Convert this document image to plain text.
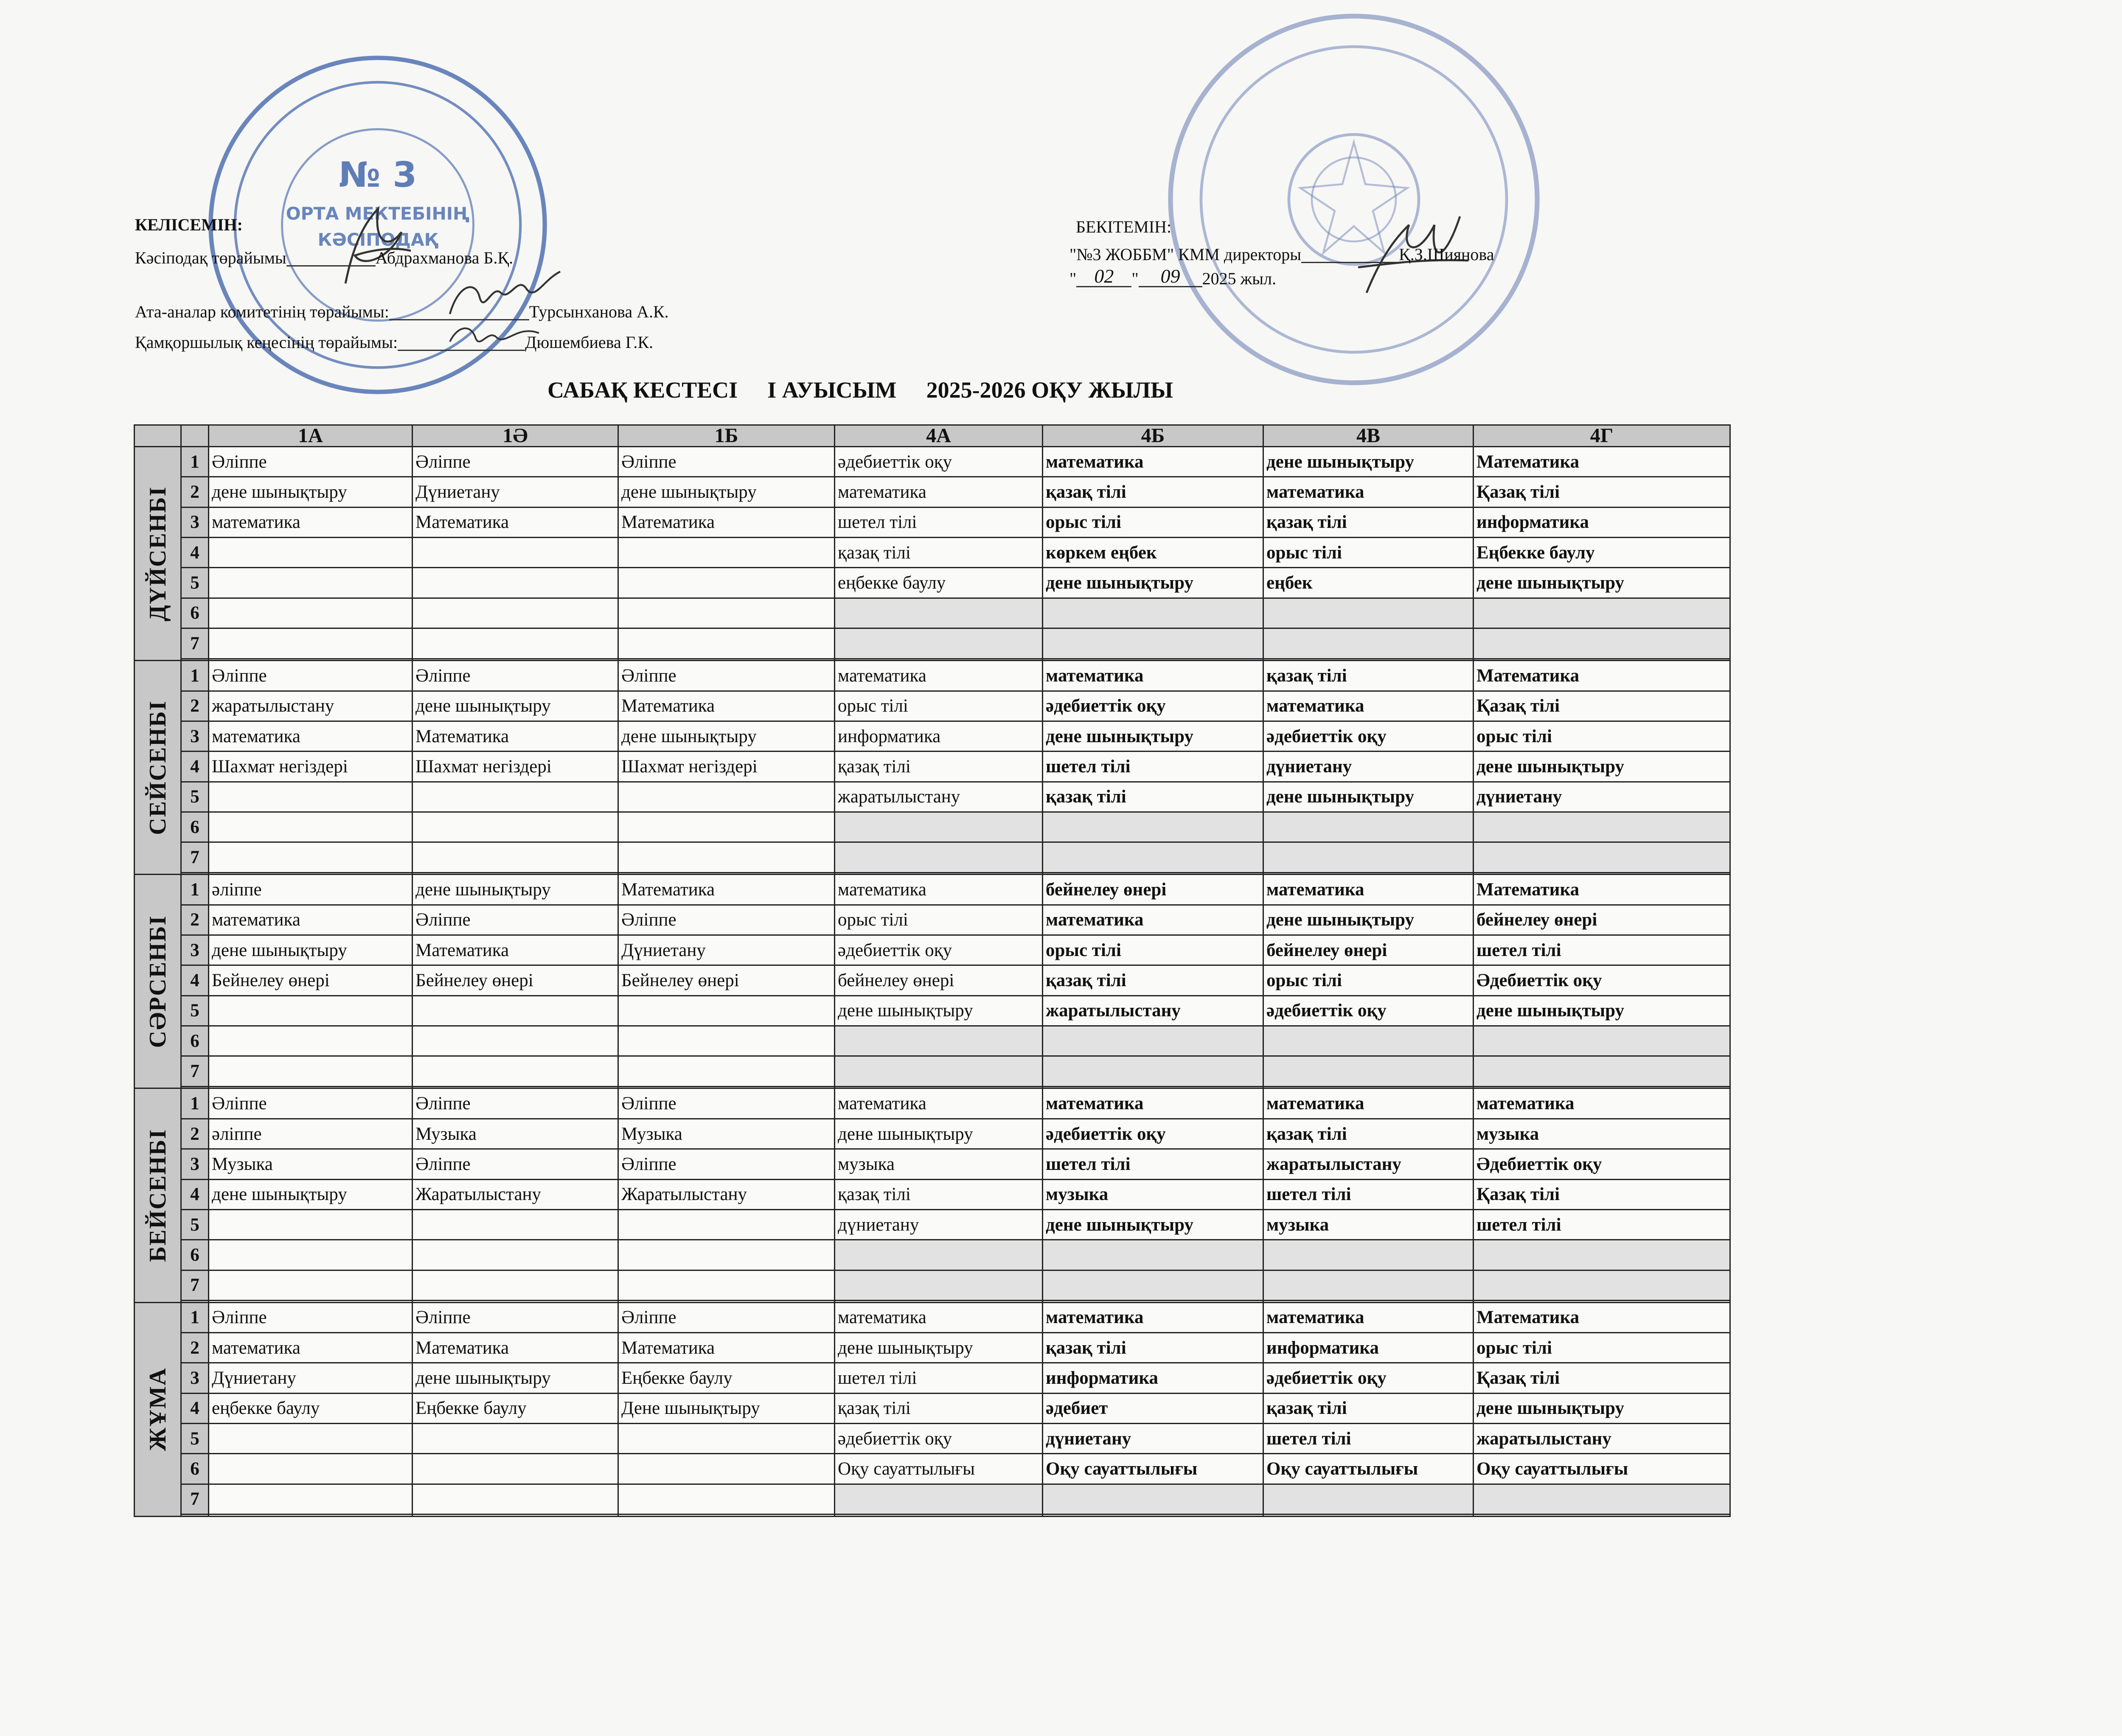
№ 3
ОРТА МЕКТЕБІНІҢ
КӘСІПОДАҚ
КЕЛІСЕМІН:
Кәсіподақ төрайымы	Абдрахманова Б.Қ.
Ата-аналар комитетінің төрайымы:	Турсынханова А.К.
Қамқоршылық кеңесінің төрайымы:	Дюшембиева Г.К.
БЕКІТЕМІН:
"№3 ЖОББМ" КММ директоры	Қ.З.Шиянова
" 02 " 09 2025 жыл.
САБАҚ КЕСТЕСІ І АУЫСЫМ 2025-2026 ОҚУ ЖЫЛЫ
		1А	1Ә	1Б	4А	4Б	4В	4Г

ДҮЙСЕНБІ	1	Әліппе	Әліппе	Әліппе	әдебиеттік оқу	математика	дене шынықтыру	Математика
	2	дене шынықтыру	Дүниетану	дене шынықтыру	математика	қазақ тілі	математика	Қазақ тілі
	3	математика	Математика	Математика	шетел тілі	орыс тілі	қазақ тілі	информатика
	4				қазақ тілі	көркем еңбек	орыс тілі	Еңбекке баулу
	5				еңбекке баулу	дене шынықтыру	еңбек	дене шынықтыру
	6							
	7							

СЕЙСЕНБІ	1	Әліппе	Әліппе	Әліппе	математика	математика	қазақ тілі	Математика
	2	жаратылыстану	дене шынықтыру	Математика	орыс тілі	әдебиеттік оқу	математика	Қазақ тілі
	3	математика	Математика	дене шынықтыру	информатика	дене шынықтыру	әдебиеттік оқу	орыс тілі
	4	Шахмат негіздері	Шахмат негіздері	Шахмат негіздері	қазақ тілі	шетел тілі	дүниетану	дене шынықтыру
	5				жаратылыстану	қазақ тілі	дене шынықтыру	дүниетану
	6							
	7							

СӘРСЕНБІ	1	әліппе	дене шынықтыру	Математика	математика	бейнелеу өнері	математика	Математика
	2	математика	Әліппе	Әліппе	орыс тілі	математика	дене шынықтыру	бейнелеу өнері
	3	дене шынықтыру	Математика	Дүниетану	әдебиеттік оқу	орыс тілі	бейнелеу өнері	шетел тілі
	4	Бейнелеу өнері	Бейнелеу өнері	Бейнелеу өнері	бейнелеу өнері	қазақ тілі	орыс тілі	Әдебиеттік оқу
	5				дене шынықтыру	жаратылыстану	әдебиеттік оқу	дене шынықтыру
	6							
	7							

БЕЙСЕНБІ	1	Әліппе	Әліппе	Әліппе	математика	математика	математика	математика
	2	әліппе	Музыка	Музыка	дене шынықтыру	әдебиеттік оқу	қазақ тілі	музыка
	3	Музыка	Әліппе	Әліппе	музыка	шетел тілі	жаратылыстану	Әдебиеттік оқу
	4	дене шынықтыру	Жаратылыстану	Жаратылыстану	қазақ тілі	музыка	шетел тілі	Қазақ тілі
	5				дүниетану	дене шынықтыру	музыка	шетел тілі
	6							
	7							

ЖҰМА	1	Әліппе	Әліппе	Әліппе	математика	математика	математика	Математика
	2	математика	Математика	Математика	дене шынықтыру	қазақ тілі	информатика	орыс тілі
	3	Дүниетану	дене шынықтыру	Еңбекке баулу	шетел тілі	информатика	әдебиеттік оқу	Қазақ тілі
	4	еңбекке баулу	Еңбекке баулу	Дене шынықтыру	қазақ тілі	әдебиет	қазақ тілі	дене шынықтыру
	5				әдебиеттік оқу	дүниетану	шетел тілі	жаратылыстану
	6				Оқу сауаттылығы	Оқу сауаттылығы	Оқу сауаттылығы	Оқу сауаттылығы
	7							
